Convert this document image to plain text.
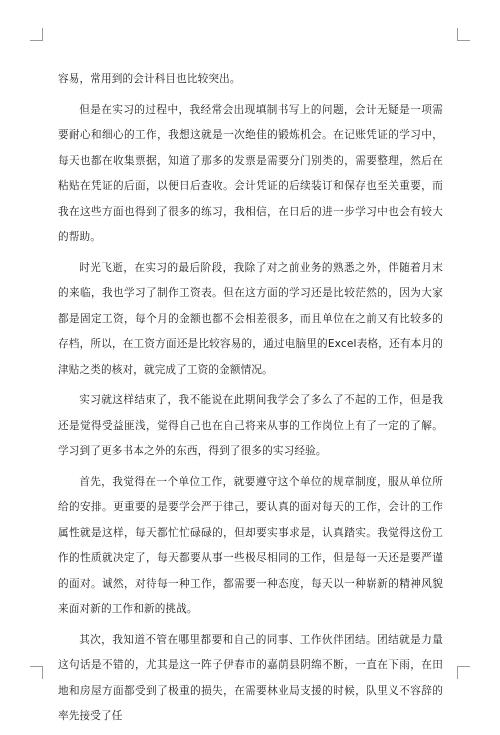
容易，常用到的会计科目也比较突出。

但是在实习的过程中，我经常会出现填制书写上的问题，会计无疑是一项需要耐心和细心的工作，我想这就是一次绝佳的锻炼机会。在记账凭证的学习中，每天也都在收集票据，知道了那多的发票是需要分门别类的，需要整理，然后在粘贴在凭证的后面，以便日后查收。会计凭证的后续装订和保存也至关重要，而我在这些方面也得到了很多的练习，我相信，在日后的进一步学习中也会有较大的帮助。

时光飞逝，在实习的最后阶段，我除了对之前业务的熟悉之外，伴随着月末的来临，我也学习了制作工资表。但在这方面的学习还是比较茫然的，因为大家都是固定工资，每个月的金额也都不会相差很多，而且单位在之前又有比较多的存档，所以，在工资方面还是比较容易的，通过电脑里的Excel表格，还有本月的津贴之类的核对，就完成了工资的金额情况。

实习就这样结束了，我不能说在此期间我学会了多么了不起的工作，但是我还是觉得受益匪浅，觉得自己也在自己将来从事的工作岗位上有了一定的了解。学习到了更多书本之外的东西，得到了很多的实习经验。

首先，我觉得在一个单位工作，就要遵守这个单位的规章制度，服从单位所给的安排。更重要的是要学会严于律己，要认真的面对每天的工作，会计的工作属性就是这样，每天都忙忙碌碌的，但却要实事求是，认真踏实。我觉得这份工作的性质就决定了，每天都要从事一些极尽相同的工作，但是每一天还是要严谨的面对。诚然，对待每一种工作，都需要一种态度，每天以一种崭新的精神风貌来面对新的工作和新的挑战。

其次，我知道不管在哪里都要和自己的同事、工作伙伴团结。团结就是力量这句话是不错的，尤其是这一阵子伊春市的嘉荫县阴绵不断，一直在下雨，在田地和房屋方面都受到了极重的损失，在需要林业局支援的时候，队里义不容辞的率先接受了任
